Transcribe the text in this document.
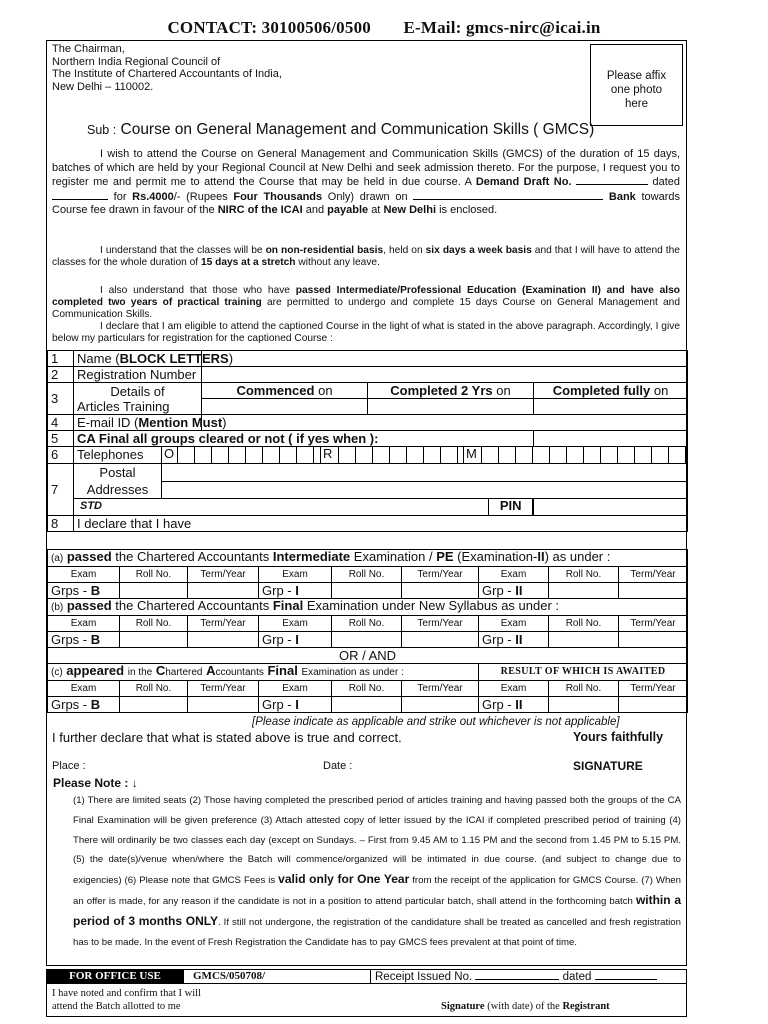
CONTACT: 30100506/0500 E-Mail: gmcs-nirc@icai.in
The Chairman,
Northern India Regional Council of
The Institute of Chartered Accountants of India,
New Delhi – 110002.
Please affix
one photo
here
Sub : Course on General Management and Communication Skills ( GMCS)
I wish to attend the Course on General Management and Communication Skills (GMCS) of the duration of 15 days, batches of which are held by your Regional Council at New Delhi and seek admission thereto. For the purpose, I request you to register me and permit me to attend the Course that may be held in due course. A Demand Draft No.	dated  for Rs.4000/- (Rupees Four Thousands Only) drawn on	Bank towards Course fee drawn in favour of the NIRC of the ICAI and payable at New Delhi is enclosed.
I understand that the classes will be on non-residential basis, held on six days a week basis and that I will have to attend the classes for the whole duration of 15 days at a stretch without any leave.
I also understand that those who have passed Intermediate/Professional Education (Examination II) and have also completed two years of practical training are permitted to undergo and complete 15 days Course on General Management and Communication Skills.
I declare that I am eligible to attend the captioned Course in the light of what is stated in the above paragraph. Accordingly, I give below my particulars for registration for the captioned Course :
1	Name (BLOCK LETTERS)				
2	Registration Number				
3	Details of
Articles Training		Commenced on	Completed 2 Yrs on	Completed fully on

4	E-mail ID (Mention Must)				
5	CA Final all groups cleared or not ( if yes when ):				
6	Telephones	O R M			

7	Postal
Addresses				

	STD PIN				

8	I declare that I have				
(a) passed the Chartered Accountants Intermediate Examination / PE (Examination-II) as under :								
Exam	Roll No.	Term/Year	Exam	Roll No.	Term/Year	Exam	Roll No.	Term/Year
Grps - B			Grp - I			Grp - II		
(b) passed the Chartered Accountants Final Examination under New Syllabus as under :								
Exam	Roll No.	Term/Year	Exam	Roll No.	Term/Year	Exam	Roll No.	Term/Year
Grps - B			Grp - I			Grp - II		
OR / AND								
(c) appeared in the Chartered Accountants Final Examination as under :						RESULT OF WHICH IS AWAITED		
Exam	Roll No.	Term/Year	Exam	Roll No.	Term/Year	Exam	Roll No.	Term/Year
Grps - B			Grp - I			Grp - II		
[Please indicate as applicable and strike out whichever is not applicable]
I further declare that what is stated above is true and correct.	Yours faithfully
Place :	Date :	SIGNATURE
Please Note : ↓
(1) There are limited seats (2) Those having completed the prescribed period of articles training and having passed both the groups of the CA Final Examination will be given preference (3) Attach attested copy of letter issued by the ICAI if completed prescribed period of training (4) There will ordinarily be two classes each day (except on Sundays. – First from 9.45 AM to 1.15 PM and the second from 1.45 PM to 5.15 PM. (5) the date(s)/venue when/where the Batch will commence/organized will be intimated in due course. (and subject to change due to exigencies) (6) Please note that GMCS Fees is valid only for One Year from the receipt of the application for GMCS Course. (7) When an offer is made, for any reason if the candidate is not in a position to attend particular batch, shall attend in the forthcoming batch within a period of 3 months ONLY. If still not undergone, the registration of the candidature shall be treated as cancelled and fresh registration has to be made. In the event of Fresh Registration the Candidate has to pay GMCS fees prevalent at that point of time.
FOR OFFICE USE	GMCS/050708/	Receipt Issued No.	dated
I have noted and confirm that I will
attend the Batch allotted to me	Signature (with date) of the Registrant
